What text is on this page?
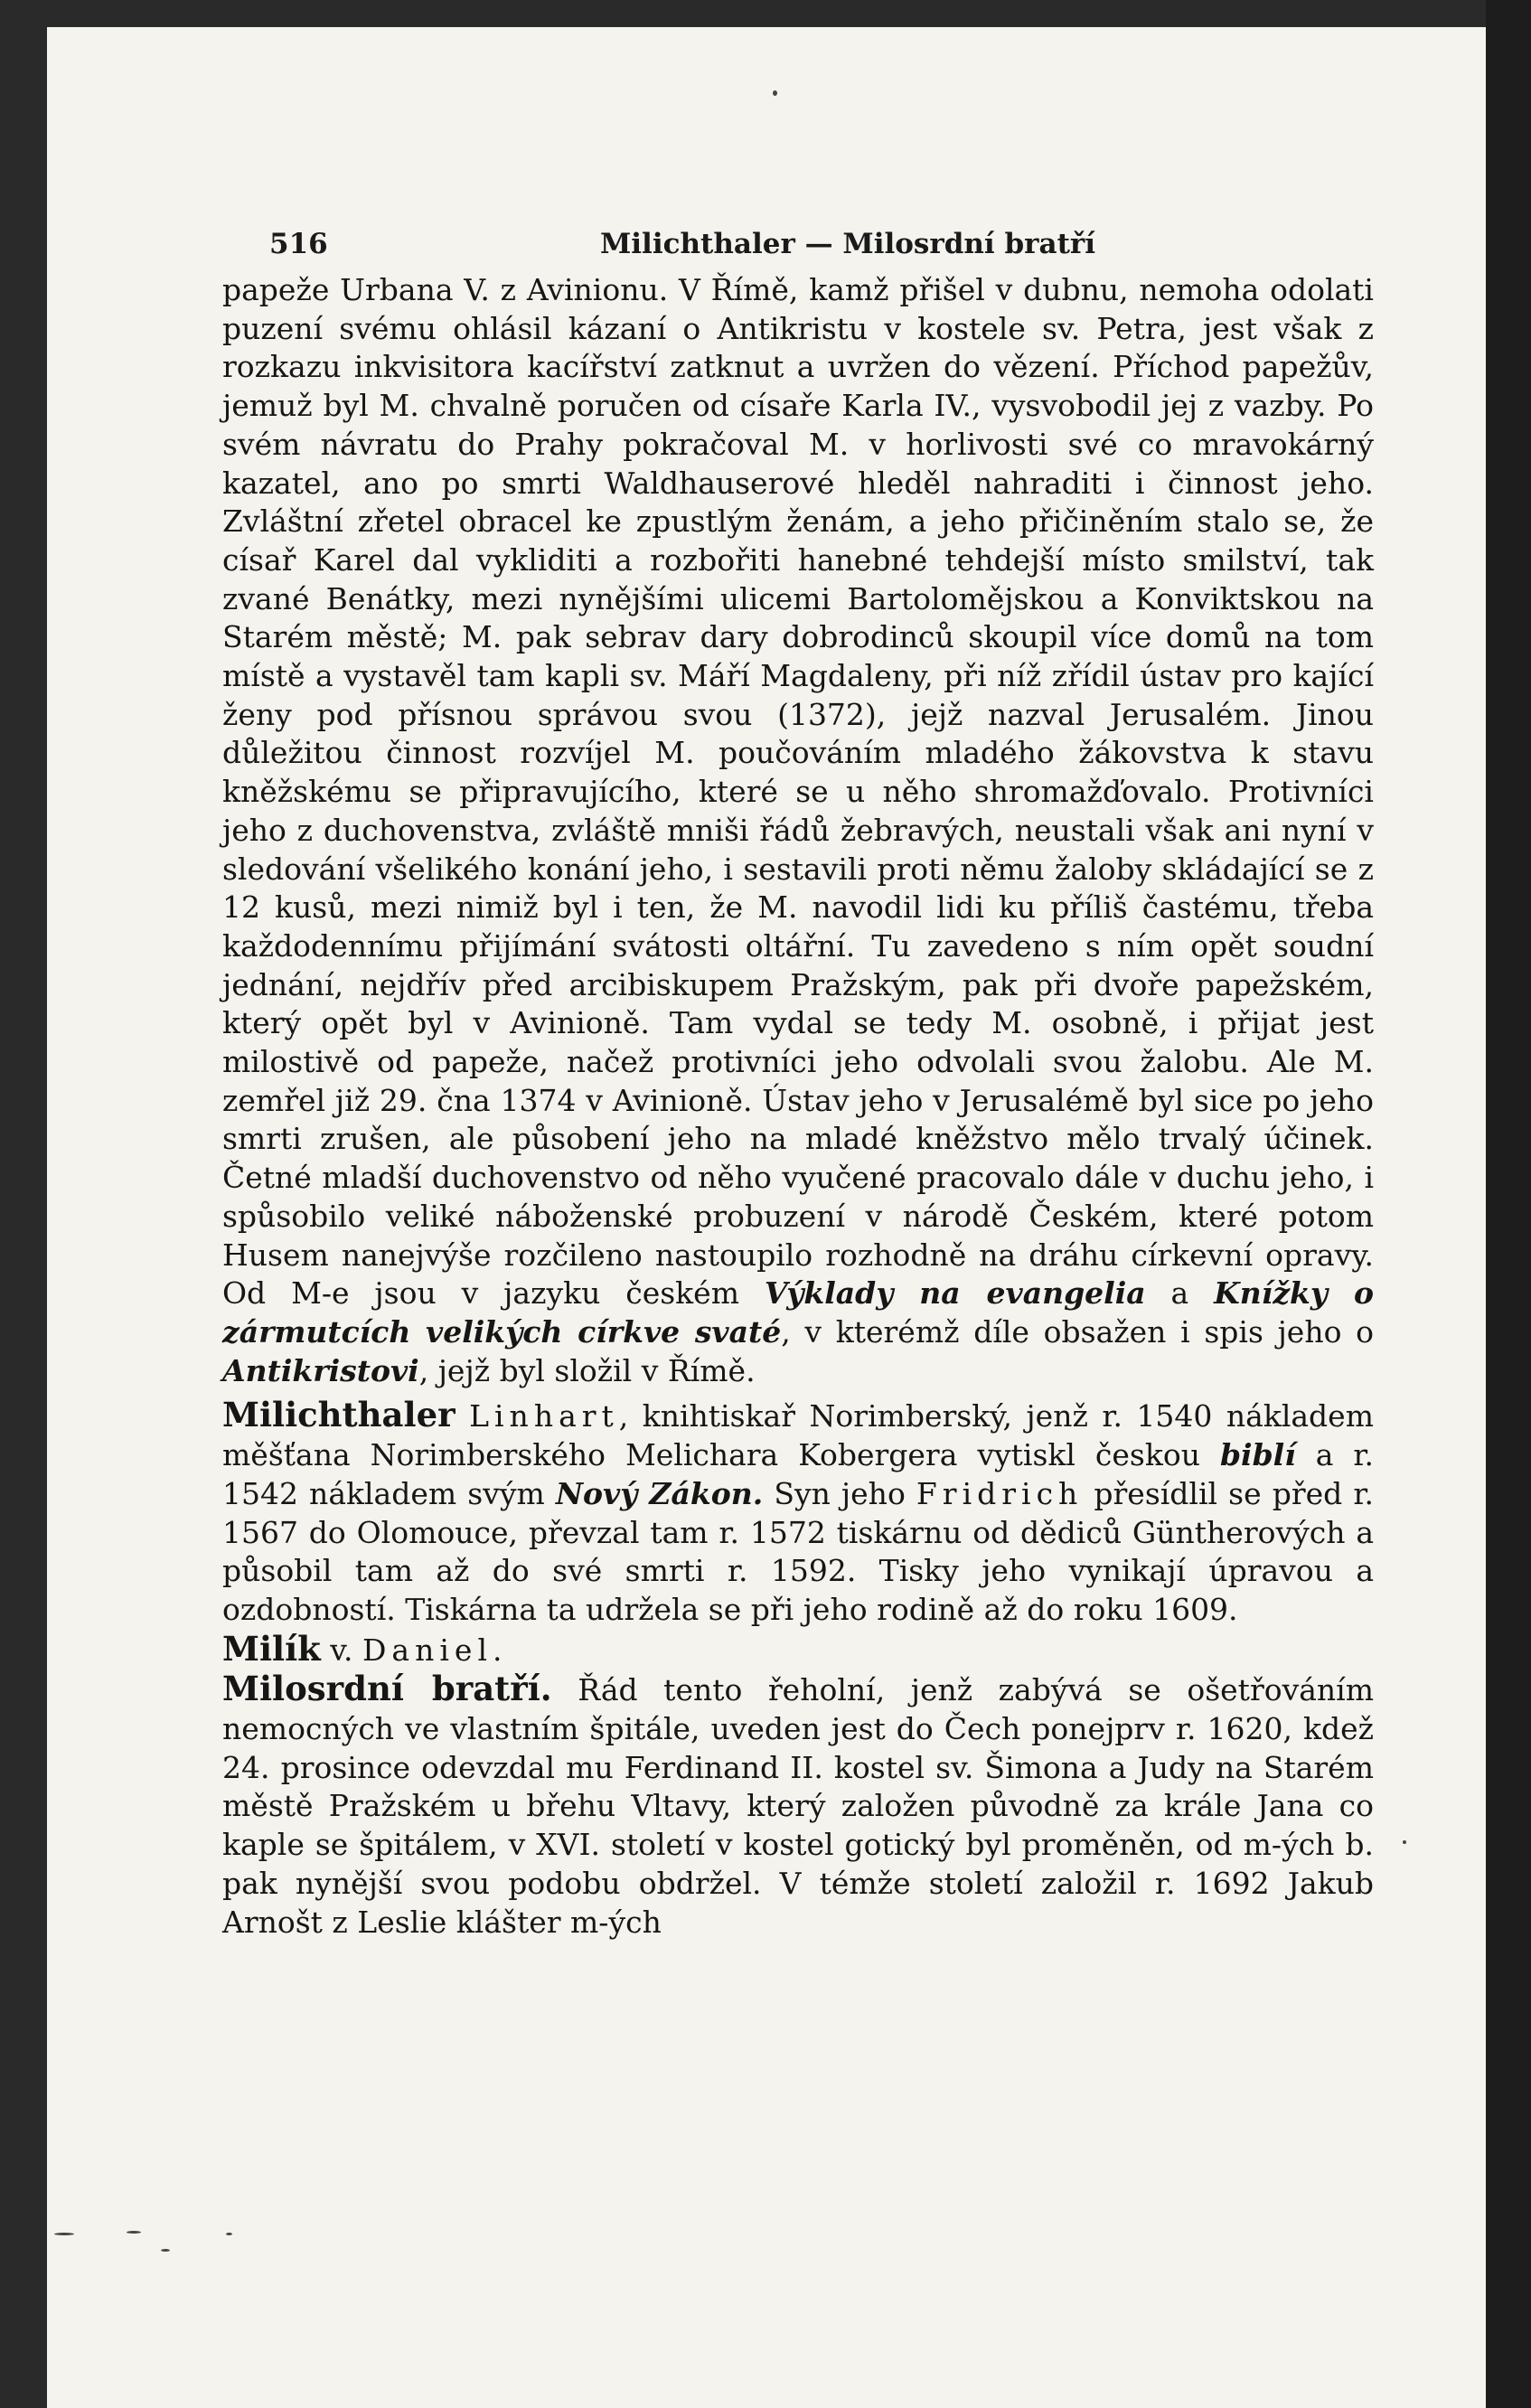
516	Milichthaler — Milosrdní bratří

papeže Urbana V. z Avinionu. V Římě, kamž přišel v dubnu, nemoha odolati puzení svému ohlásil kázaní o Antikristu v kostele sv. Petra, jest však z rozkazu inkvisitora kacířství zatknut a uvržen do vězení. Příchod papežův, jemuž byl M. chvalně poručen od císaře Karla IV., vysvobodil jej z vazby. Po svém návratu do Prahy pokračoval M. v horlivosti své co mravokárný kazatel, ano po smrti Waldhauserové hleděl nahraditi i činnost jeho. Zvláštní zřetel obracel ke zpustlým ženám, a jeho přičiněním stalo se, že císař Karel dal vykliditi a rozbořiti hanebné tehdejší místo smilství, tak zvané Benátky, mezi nynějšími ulicemi Bartolomějskou a Konviktskou na Starém městě; M. pak sebrav dary dobrodinců skoupil více domů na tom místě a vystavěl tam kapli sv. Máří Magdaleny, při níž zřídil ústav pro kající ženy pod přísnou správou svou (1372), jejž nazval Jerusalém. Jinou důležitou činnost rozvíjel M. poučováním mladého žákovstva k stavu kněžskému se připravujícího, které se u něho shromažďovalo. Protivníci jeho z duchovenstva, zvláště mniši řádů žebravých, neustali však ani nyní v sledování všelikého konání jeho, i sestavili proti němu žaloby skládající se z 12 kusů, mezi nimiž byl i ten, že M. navodil lidi ku příliš častému, třeba každodennímu přijímání svátosti oltářní. Tu zavedeno s ním opět soudní jednání, nejdřív před arcibiskupem Pražským, pak při dvoře papežském, který opět byl v Avinioně. Tam vydal se tedy M. osobně, i přijat jest milostivě od papeže, načež protivníci jeho odvolali svou žalobu. Ale M. zemřel již 29. čna 1374 v Avinioně. Ústav jeho v Jerusalémě byl sice po jeho smrti zrušen, ale působení jeho na mladé kněžstvo mělo trvalý účinek. Četné mladší duchovenstvo od něho vyučené pracovalo dále v duchu jeho, i spůsobilo veliké náboženské probuzení v národě Českém, které potom Husem nanejvýše rozčileno nastoupilo rozhodně na dráhu církevní opravy. Od M-e jsou v jazyku českém Výklady na evangelia a Knížky o zármutcích velikých církve svaté, v kterémž díle obsažen i spis jeho o Antikristovi, jejž byl složil v Římě.

Milichthaler Linhart, knihtiskař Norimberský, jenž r. 1540 nákladem měšťana Norimberského Melichara Kobergera vytiskl českou biblí a r. 1542 nákladem svým Nový Zákon. Syn jeho Fridrich přesídlil se před r. 1567 do Olomouce, převzal tam r. 1572 tiskárnu od dědiců Güntherových a působil tam až do své smrti r. 1592. Tisky jeho vynikají úpravou a ozdobností. Tiskárna ta udržela se při jeho rodině až do roku 1609.

Milík v. Daniel.

Milosrdní bratří. Řád tento řeholní, jenž zabývá se ošetřováním nemocných ve vlastním špitále, uveden jest do Čech ponejprv r. 1620, kdež 24. prosince odevzdal mu Ferdinand II. kostel sv. Šimona a Judy na Starém městě Pražském u břehu Vltavy, který založen původně za krále Jana co kaple se špitálem, v XVI. století v kostel gotický byl proměněn, od m-ých b. pak nynější svou podobu obdržel. V témže století založil r. 1692 Jakub Arnošt z Leslie klášter m-ých
